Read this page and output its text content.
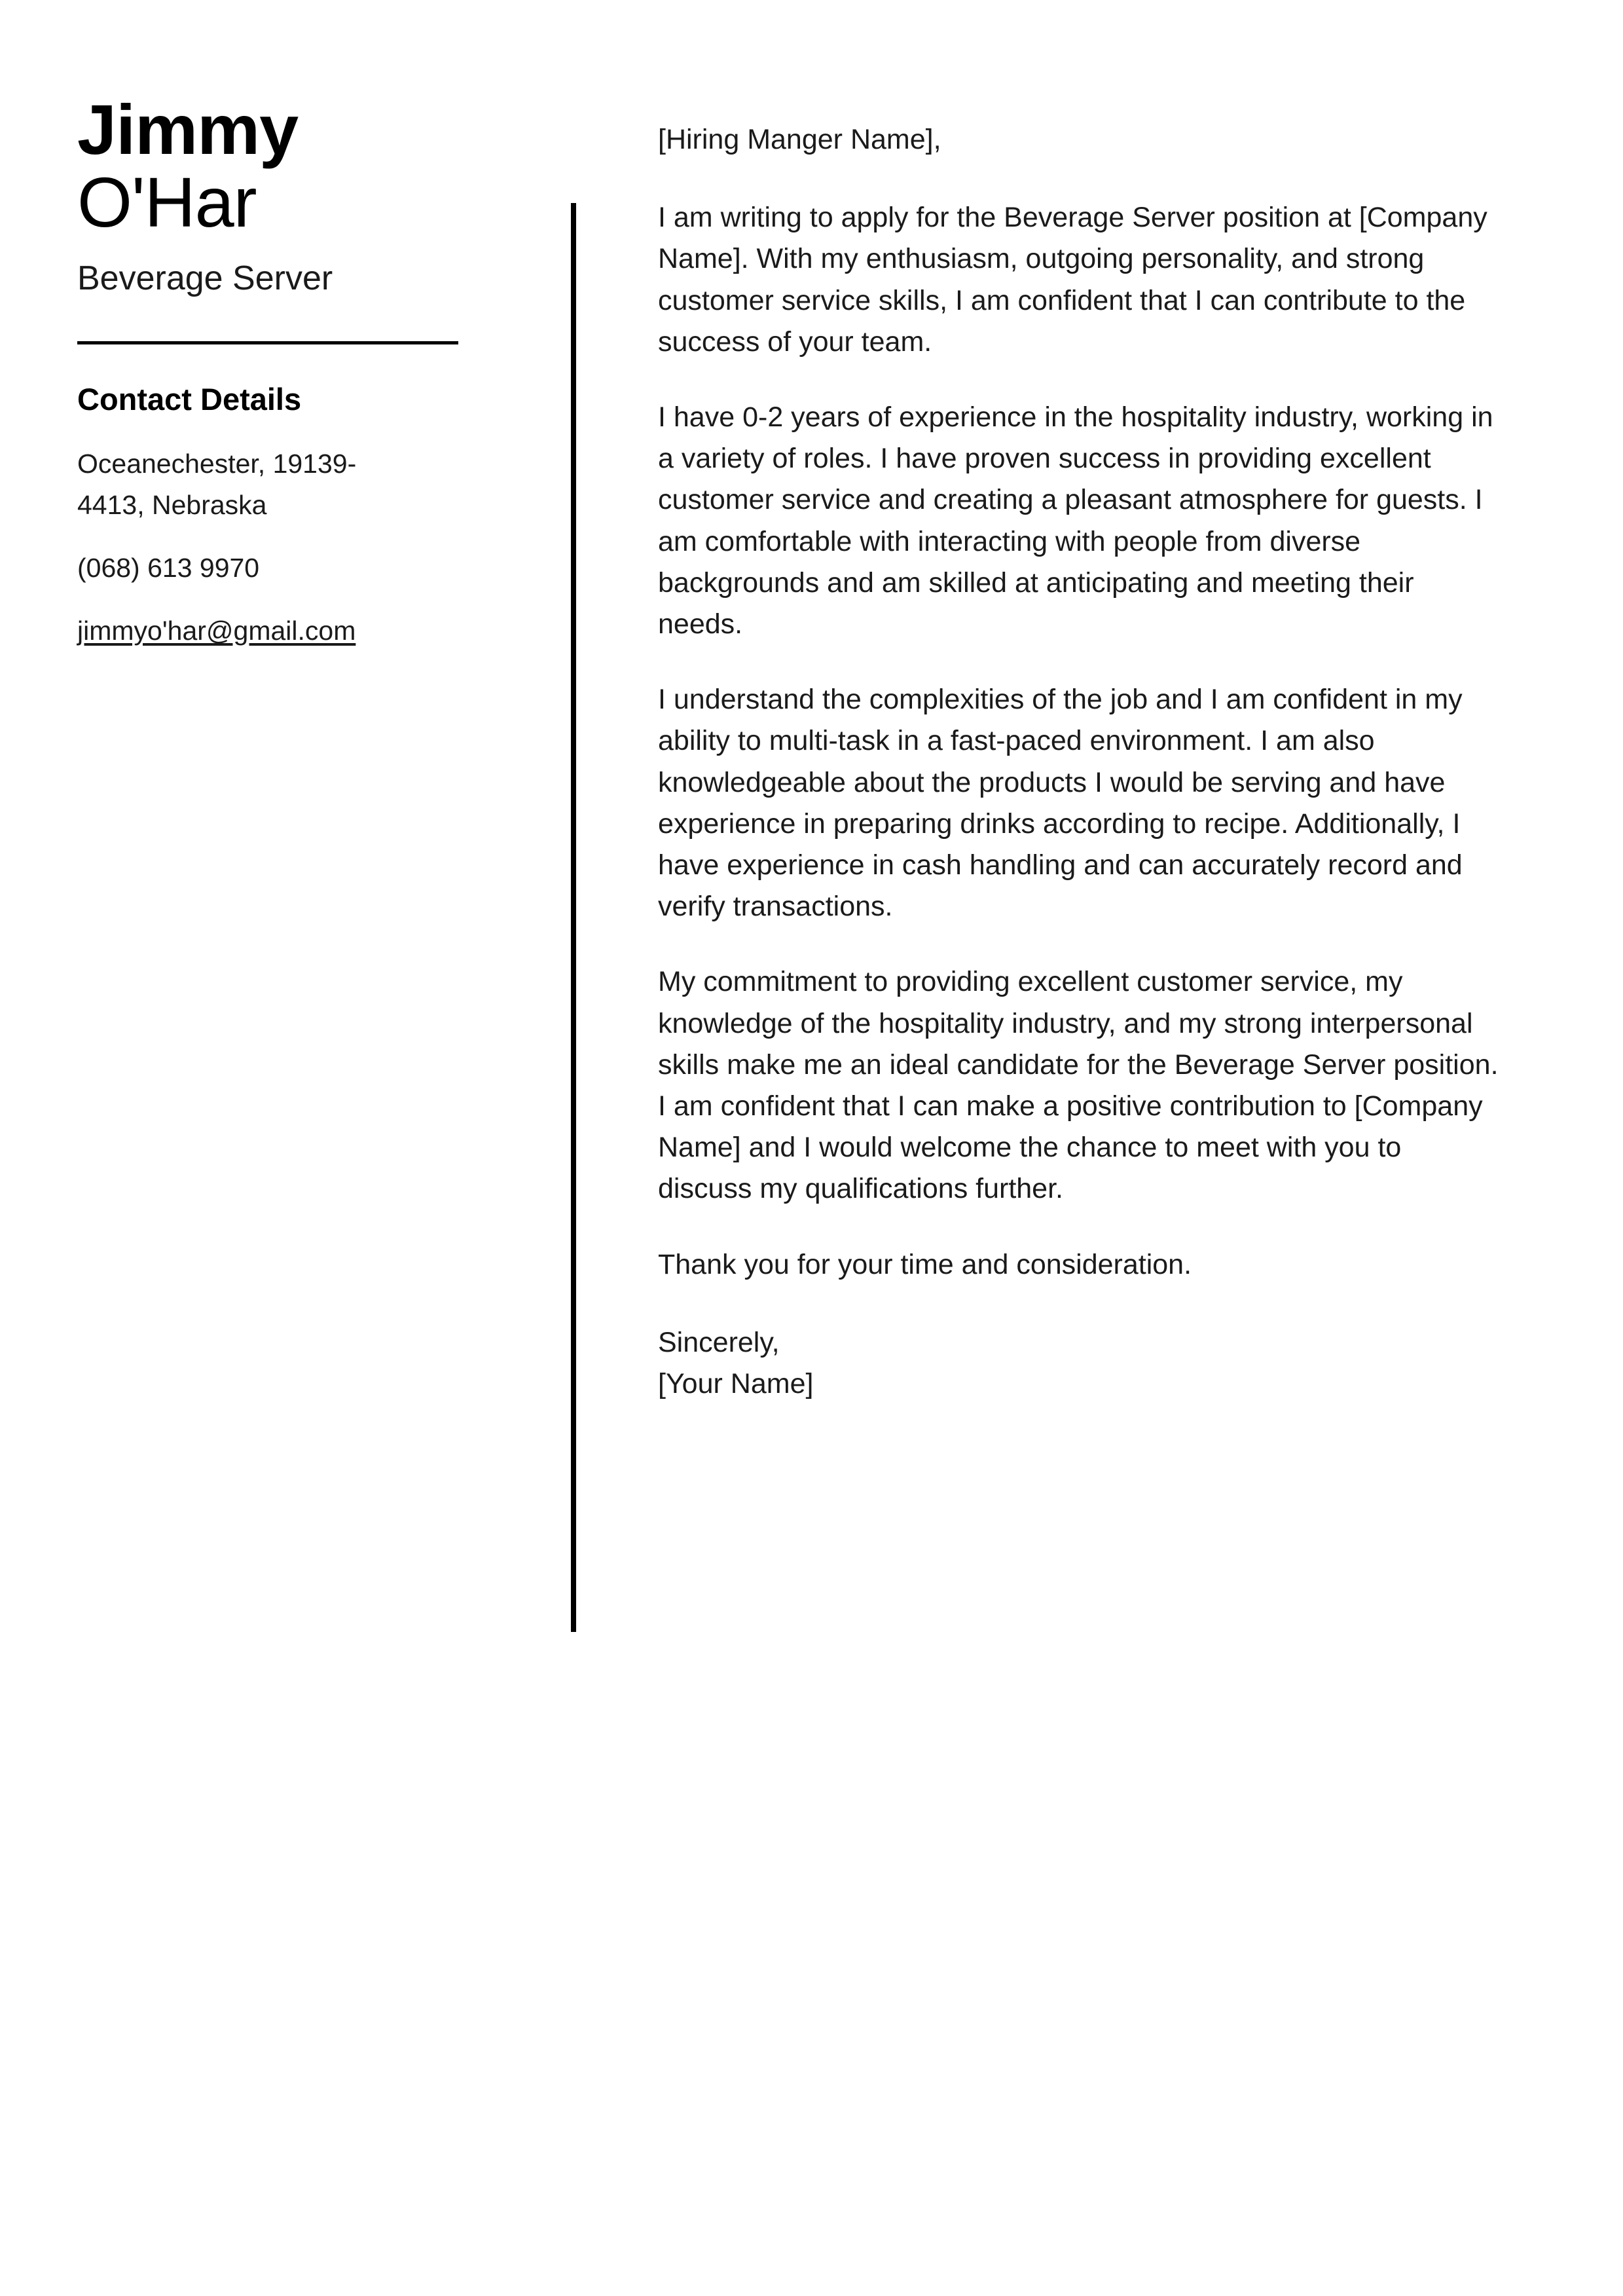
Jimmy
O'Har
Beverage Server
Contact Details
Oceanechester, 19139-4413, Nebraska
(068) 613 9970
jimmyo'har@gmail.com

[Hiring Manger Name],

I am writing to apply for the Beverage Server position at [Company Name]. With my enthusiasm, outgoing personality, and strong customer service skills, I am confident that I can contribute to the success of your team.

I have 0-2 years of experience in the hospitality industry, working in a variety of roles. I have proven success in providing excellent customer service and creating a pleasant atmosphere for guests. I am comfortable with interacting with people from diverse backgrounds and am skilled at anticipating and meeting their needs.

I understand the complexities of the job and I am confident in my ability to multi-task in a fast-paced environment. I am also knowledgeable about the products I would be serving and have experience in preparing drinks according to recipe. Additionally, I have experience in cash handling and can accurately record and verify transactions.

My commitment to providing excellent customer service, my knowledge of the hospitality industry, and my strong interpersonal skills make me an ideal candidate for the Beverage Server position. I am confident that I can make a positive contribution to [Company Name] and I would welcome the chance to meet with you to discuss my qualifications further.

Thank you for your time and consideration.

Sincerely,
[Your Name]
